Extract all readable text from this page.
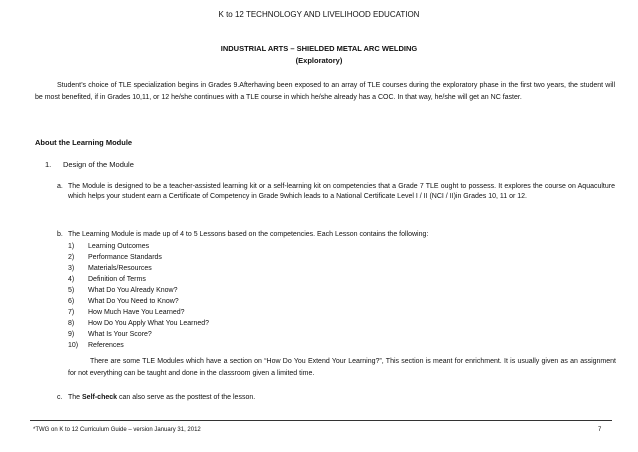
K to 12 TECHNOLOGY AND LIVELIHOOD EDUCATION
INDUSTRIAL ARTS – SHIELDED METAL ARC WELDING
(Exploratory)
Student’s choice of TLE specialization begins in Grades 9.Afterhaving been exposed to an array of TLE courses during the exploratory phase in the first two years, the student will be most benefited, if in Grades 10,11, or 12 he/she continues with a TLE course in which he/she already has a COC. In that way, he/she will get an NC faster.
About the Learning Module
1. Design of the Module
a. The Module is designed to be a teacher-assisted learning kit or a self-learning kit on competencies that a Grade 7 TLE ought to possess. It explores the course on Aquaculture which helps your student earn a Certificate of Competency in Grade 9which leads to a National Certificate Level I / II (NCI / II)in Grades 10, 11 or 12.
b. The Learning Module is made up of 4 to 5 Lessons based on the competencies. Each Lesson contains the following:
1) Learning Outcomes
2) Performance Standards
3) Materials/Resources
4) Definition of Terms
5) What Do You Already Know?
6) What Do You Need to Know?
7) How Much Have You Learned?
8) How Do You Apply What You Learned?
9) What Is Your Score?
10) References
There are some TLE Modules which have a section on “How Do You Extend Your Learning?”, This section is meant for enrichment. It is usually given as an assignment for not everything can be taught and done in the classroom given a limited time.
c. The Self-check can also serve as the posttest of the lesson.
*TWG on K to 12 Curriculum Guide – version January 31, 2012	7
